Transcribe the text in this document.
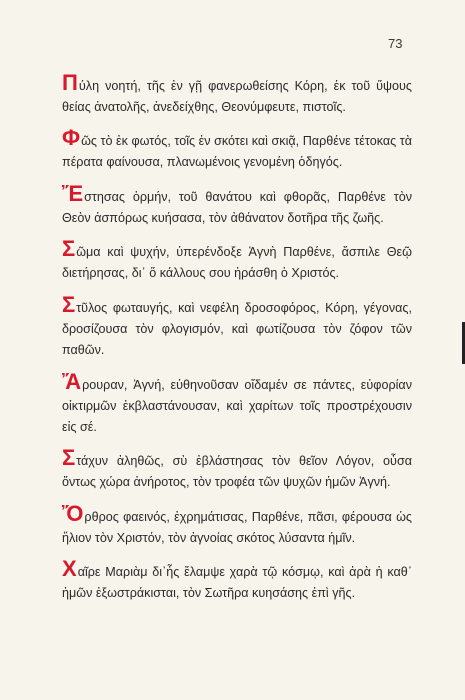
73

Πύλη νοητή, τῆς ἐν γῇ φανερωθείσης Κόρη, ἐκ τοῦ ὕψους θείας ἀνατολῆς, ἀνεδείχθης, Θεονύμφευτε, πιστοῖς.

Φῶς τὸ ἐκ φωτός, τοῖς ἐν σκότει καὶ σκιᾷ, Παρθένε τέτοκας τὰ πέρατα φαίνουσα, πλανωμένοις γενομένη ὁδηγός.

Ἔστησας ὁρμήν, τοῦ θανάτου καὶ φθορᾶς, Παρθένε τὸν Θεὸν ἀσπόρως κυήσασα, τὸν ἀθάνατον δοτῆρα τῆς ζωῆς.

Σῶμα καὶ ψυχήν, ὑπερένδοξε Ἁγνὴ Παρθένε, ἄσπιλε Θεῷ διετήρησας, δι᾿ ὅ κάλλους σου ἠράσθη ὁ Χριστός.

Στῦλος φωταυγής, καὶ νεφέλη δροσοφόρος, Κόρη, γέγονας, δροσίζουσα τὸν φλογισμόν, καὶ φωτίζουσα τὸν ζόφον τῶν παθῶν.

Ἄρουραν, Ἁγνή, εὐθηνοῦσαν οἴδαμέν σε πάντες, εὐφορίαν οἰκτιρμῶν ἐκβλαστάνουσαν, καὶ χαρίτων τοῖς προστρέχουσιν εἰς σέ.

Στάχυν ἀληθῶς, σὺ ἐβλάστησας τὸν θεῖον Λόγον, οὖσα ὄντως χώρα ἀνήροτος, τὸν τροφέα τῶν ψυχῶν ἡμῶν Ἁγνή.

Ὄρθρος φαεινός, ἐχρημάτισας, Παρθένε, πᾶσι, φέρουσα ὡς ἥλιον τὸν Χριστόν, τὸν ἀγνοίας σκότος λύσαντα ἡμῖν.

Χαῖρε Μαριὰμ δι᾿ἧς ἔλαμψε χαρὰ τῷ κόσμῳ, καὶ ἀρὰ ἡ καθ᾿ ἡμῶν ἐξωστράκισται, τὸν Σωτῆρα κυησάσης ἐπὶ γῆς.
